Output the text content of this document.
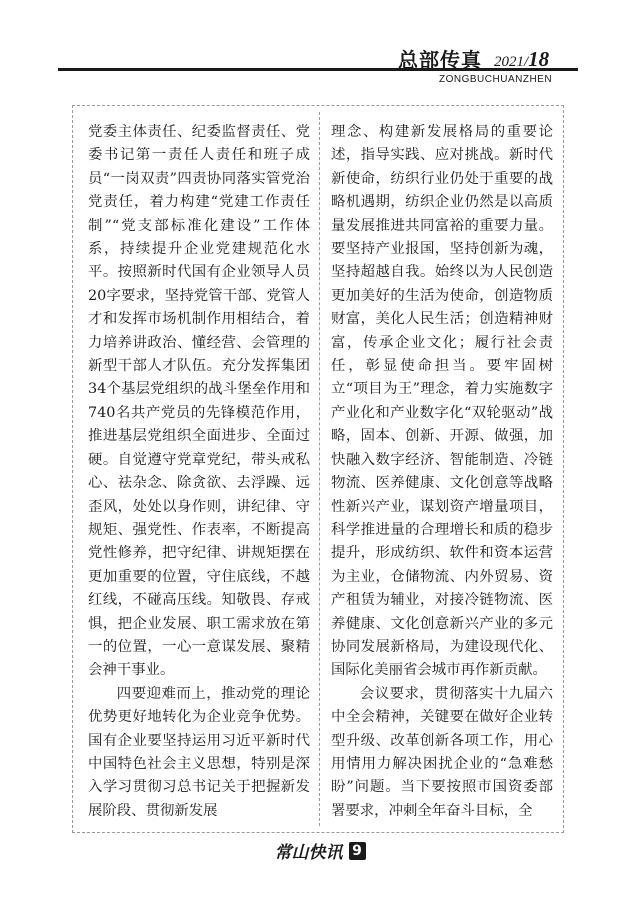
总部传真 2021/18
ZONGBUCHUANZHEN

党委主体责任、纪委监督责任、党委书记第一责任人责任和班子成员“一岗双责”四责协同落实管党治党责任，着力构建“党建工作责任制”“党支部标准化建设”工作体系，持续提升企业党建规范化水平。按照新时代国有企业领导人员20字要求，坚持党管干部、党管人才和发挥市场机制作用相结合，着力培养讲政治、懂经营、会管理的新型干部人才队伍。充分发挥集团34个基层党组织的战斗堡垒作用和740名共产党员的先锋模范作用，推进基层党组织全面进步、全面过硬。自觉遵守党章党纪，带头戒私心、祛杂念、除贪欲、去浮躁、远歪风，处处以身作则，讲纪律、守规矩、强党性、作表率，不断提高党性修养，把守纪律、讲规矩摆在更加重要的位置，守住底线，不越红线，不碰高压线。知敬畏、存戒惧，把企业发展、职工需求放在第一的位置，一心一意谋发展、聚精会神干事业。

四要迎难而上，推动党的理论优势更好地转化为企业竞争优势。国有企业要坚持运用习近平新时代中国特色社会主义思想，特别是深入学习贯彻习总书记关于把握新发展阶段、贯彻新发展

理念、构建新发展格局的重要论述，指导实践、应对挑战。新时代新使命，纺织行业仍处于重要的战略机遇期，纺织企业仍然是以高质量发展推进共同富裕的重要力量。要坚持产业报国，坚持创新为魂，坚持超越自我。始终以为人民创造更加美好的生活为使命，创造物质财富，美化人民生活；创造精神财富，传承企业文化；履行社会责任，彰显使命担当。要牢固树立“项目为王”理念，着力实施数字产业化和产业数字化“双轮驱动”战略，固本、创新、开源、做强，加快融入数字经济、智能制造、冷链物流、医养健康、文化创意等战略性新兴产业，谋划资产增量项目，科学推进量的合理增长和质的稳步提升，形成纺织、软件和资本运营为主业，仓储物流、内外贸易、资产租赁为辅业，对接冷链物流、医养健康、文化创意新兴产业的多元协同发展新格局，为建设现代化、国际化美丽省会城市再作新贡献。

会议要求，贯彻落实十九届六中全会精神，关键要在做好企业转型升级、改革创新各项工作，用心用情用力解决困扰企业的“急难愁盼”问题。当下要按照市国资委部署要求，冲刺全年奋斗目标，全

常山快讯 9
